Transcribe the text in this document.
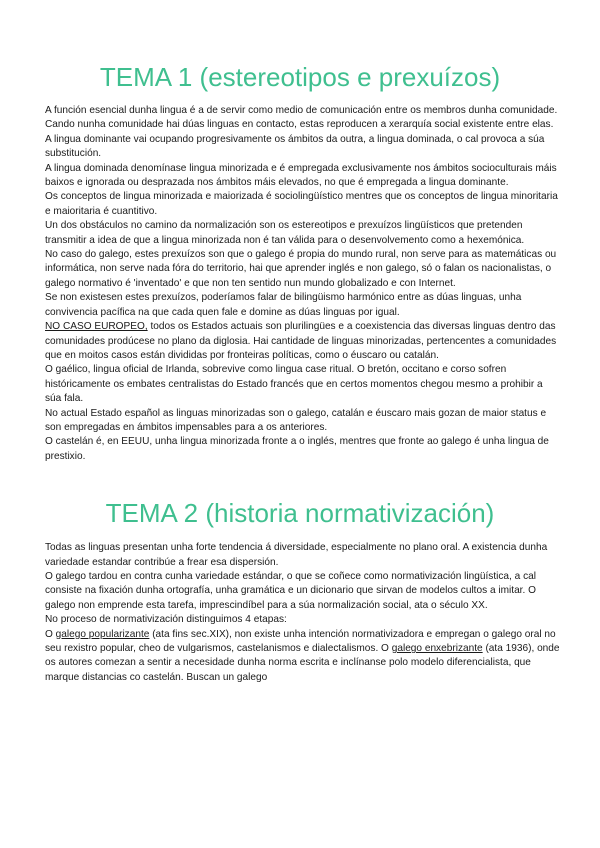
TEMA 1 (estereotipos e prexuízos)

A función esencial dunha lingua é a de servir como medio de comunicación entre os membros dunha comunidade. Cando nunha comunidade hai dúas linguas en contacto, estas reproducen a xerarquía social existente entre elas. A lingua dominante vai ocupando progresivamente os ámbitos da outra, a lingua dominada, o cal provoca a súa substitución.

A lingua dominada denomínase lingua minorizada e é empregada exclusivamente nos ámbitos socioculturais máis baixos e ignorada ou desprazada nos ámbitos máis elevados, no que é empregada a lingua dominante.

Os conceptos de lingua minorizada e maiorizada é sociolingüístico mentres que os conceptos de lingua minoritaria e maioritaria é cuantitivo.

Un dos obstáculos no camino da normalización son os estereotipos e prexuízos lingüísticos que pretenden transmitir a idea de que a lingua minorizada non é tan válida para o desenvolvemento como a hexemónica.

No caso do galego, estes prexuízos son que o galego é propia do mundo rural, non serve para as matemáticas ou informática, non serve nada fóra do territorio, hai que aprender inglés e non galego, só o falan os nacionalistas, o galego normativo é 'inventado' e que non ten sentido nun mundo globalizado e con Internet.

Se non existesen estes prexuízos, poderíamos falar de bilingüismo harmónico entre as dúas linguas, unha convivencia pacífica na que cada quen fale e domine as dúas linguas por igual.

NO CASO EUROPEO, todos os Estados actuais son plurilingües e a coexistencia das diversas linguas dentro das comunidades prodúcese no plano da diglosia. Hai cantidade de linguas minorizadas, pertencentes a comunidades que en moitos casos están divididas por fronteiras políticas, como o éuscaro ou catalán.

O gaélico, lingua oficial de Irlanda, sobrevive como lingua case ritual. O bretón, occitano e corso sofren históricamente os embates centralistas do Estado francés que en certos momentos chegou mesmo a prohibir a súa fala.

No actual Estado español as linguas minorizadas son o galego, catalán e éuscaro mais gozan de maior status e son empregadas en ámbitos impensables para a os anteriores.

O castelán é, en EEUU, unha lingua minorizada fronte a o inglés, mentres que fronte ao galego é unha lingua de prestixio.

TEMA 2 (historia normativización)

Todas as linguas presentan unha forte tendencia á diversidade, especialmente no plano oral. A existencia dunha variedade estandar contribúe a frear esa dispersión.

O galego tardou en contra cunha variedade estándar, o que se coñece como normativización lingüística, a cal consiste na fixación dunha ortografía, unha gramática e un dicionario que sirvan de modelos cultos a imitar. O galego non emprende esta tarefa, imprescindíbel para a súa normalización social, ata o século XX.

No proceso de normativización distinguimos 4 etapas:

O galego popularizante (ata fins sec.XIX), non existe unha intención normativizadora e empregan o galego oral no seu rexistro popular, cheo de vulgarismos, castelanismos e dialectalismos. O galego enxebrizante (ata 1936), onde os autores comezan a sentir a necesidade dunha norma escrita e inclínanse polo modelo diferencialista, que marque distancias co castelán. Buscan un galego
